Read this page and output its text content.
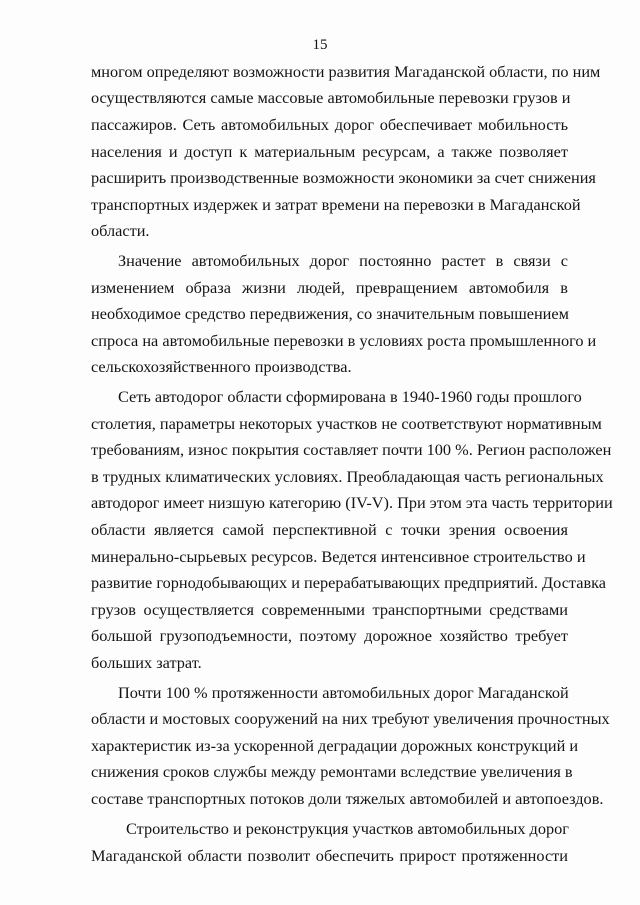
15
многом определяют возможности развития Магаданской области, по ним
осуществляются самые массовые автомобильные перевозки грузов и
пассажиров. Сеть автомобильных дорог обеспечивает мобильность
населения и доступ к материальным ресурсам, а также позволяет
расширить производственные возможности экономики за счет снижения
транспортных издержек и затрат времени на перевозки в Магаданской
области.
Значение автомобильных дорог постоянно растет в связи с
изменением образа жизни людей, превращением автомобиля в
необходимое средство передвижения, со значительным повышением
спроса на автомобильные перевозки в условиях роста промышленного и
сельскохозяйственного производства.
Сеть автодорог области сформирована в 1940-1960 годы прошлого
столетия, параметры некоторых участков не соответствуют нормативным
требованиям, износ покрытия составляет почти 100 %. Регион расположен
в трудных климатических условиях. Преобладающая часть региональных
автодорог имеет низшую категорию (IV-V). При этом эта часть территории
области является самой перспективной с точки зрения освоения
минерально-сырьевых ресурсов. Ведется интенсивное строительство и
развитие горнодобывающих и перерабатывающих предприятий. Доставка
грузов осуществляется современными транспортными средствами
большой грузоподъемности, поэтому дорожное хозяйство требует
больших затрат.
Почти 100 % протяженности автомобильных дорог Магаданской
области и мостовых сооружений на них требуют увеличения прочностных
характеристик из-за ускоренной деградации дорожных конструкций и
снижения сроков службы между ремонтами вследствие увеличения в
составе транспортных потоков доли тяжелых автомобилей и автопоездов.
Строительство и реконструкция участков автомобильных дорог
Магаданской области позволит обеспечить прирост протяженности
